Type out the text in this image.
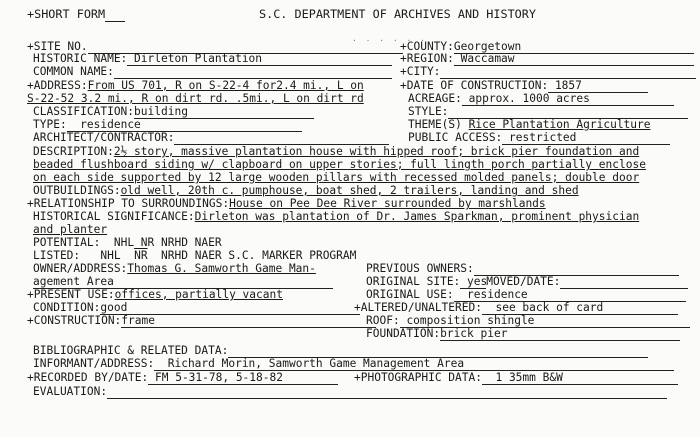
+SHORT FORM	S.C. DEPARTMENT OF ARCHIVES AND HISTORY
· · · · · ·
+SITE NO.	+COUNTY:Georgetown
HISTORIC NAME: Dirleton Plantation	+REGION: Waccamaw
COMMON NAME:	+CITY:
+ADDRESS:From US 701, R on S-22-4 for2.4 mi., L on	+DATE OF CONSTRUCTION: 1857
S-22-52 3.2 mi., R on dirt rd. .5mi., L on dirt rd	ACREAGE: approx. 1000 acres
CLASSIFICATION:building	STYLE:
TYPE: residence	THEME(S) Rice Plantation Agriculture
ARCHITECT/CONTRACTOR:	PUBLIC ACCESS: restricted
DESCRIPTION:2½ story, massive plantation house with hipped roof; brick pier foundation and
beaded flushboard siding w/ clapboard on upper stories; full lingth porch partially enclose
on each side supported by 12 large wooden pillars with recessed molded panels; double door
OUTBUILDINGS:old well, 20th c. pumphouse, boat shed, 2 trailers, landing and shed
+RELATIONSHIP TO SURROUNDINGS:House on Pee Dee River surrounded by marshlands
HISTORICAL SIGNIFICANCE:Dirleton was plantation of Dr. James Sparkman, prominent physician
and planter
POTENTIAL: NHL NR NRHD NAER
LISTED: NHL $\overline{NR}$ NRHD NAER S.C. MARKER PROGRAM
OWNER/ADDRESS:Thomas G. Samworth Game Man-	PREVIOUS OWNERS:
agement Area	ORIGINAL SITE: yesMOVED/DATE:
+PRESENT USE:offices, partially vacant	ORIGINAL USE: residence
CONDITION:good	+ALTERED/UNALTERED: see back of card
+CONSTRUCTION:frame	ROOF: composition shingle
FOUNDATION:brick pier
BIBLIOGRAPHIC & RELATED DATA:
INFORMANT/ADDRESS: Richard Morin, Samworth Game Management Area
+RECORDED BY/DATE: FM 5-31-78, 5-18-82	+PHOTOGRAPHIC DATA: 1 35mm B&W
EVALUATION:
